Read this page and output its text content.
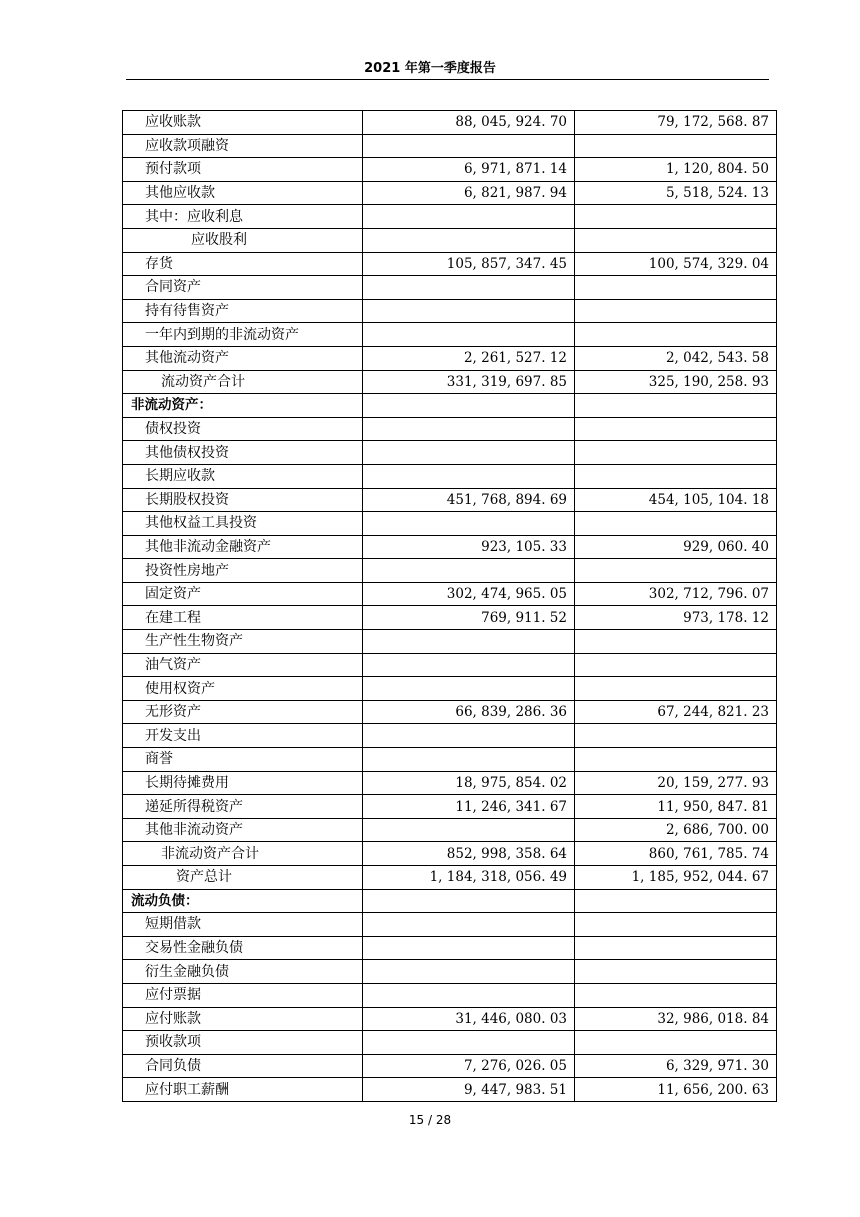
2021 年第一季度报告
应收账款	88, 045, 924. 70	79, 172, 568. 87
应收款项融资		
预付款项	6, 971, 871. 14	1, 120, 804. 50
其他应收款	6, 821, 987. 94	5, 518, 524. 13
其中：应收利息		
应收股利		
存货	105, 857, 347. 45	100, 574, 329. 04
合同资产		
持有待售资产		
一年内到期的非流动资产		
其他流动资产	2, 261, 527. 12	2, 042, 543. 58
流动资产合计	331, 319, 697. 85	325, 190, 258. 93
非流动资产：		
债权投资		
其他债权投资		
长期应收款		
长期股权投资	451, 768, 894. 69	454, 105, 104. 18
其他权益工具投资		
其他非流动金融资产	923, 105. 33	929, 060. 40
投资性房地产		
固定资产	302, 474, 965. 05	302, 712, 796. 07
在建工程	769, 911. 52	973, 178. 12
生产性生物资产		
油气资产		
使用权资产		
无形资产	66, 839, 286. 36	67, 244, 821. 23
开发支出		
商誉		
长期待摊费用	18, 975, 854. 02	20, 159, 277. 93
递延所得税资产	11, 246, 341. 67	11, 950, 847. 81
其他非流动资产		2, 686, 700. 00
非流动资产合计	852, 998, 358. 64	860, 761, 785. 74
资产总计	1, 184, 318, 056. 49	1, 185, 952, 044. 67
流动负债：		
短期借款		
交易性金融负债		
衍生金融负债		
应付票据		
应付账款	31, 446, 080. 03	32, 986, 018. 84
预收款项		
合同负债	7, 276, 026. 05	6, 329, 971. 30
应付职工薪酬	9, 447, 983. 51	11, 656, 200. 63
15 / 28
